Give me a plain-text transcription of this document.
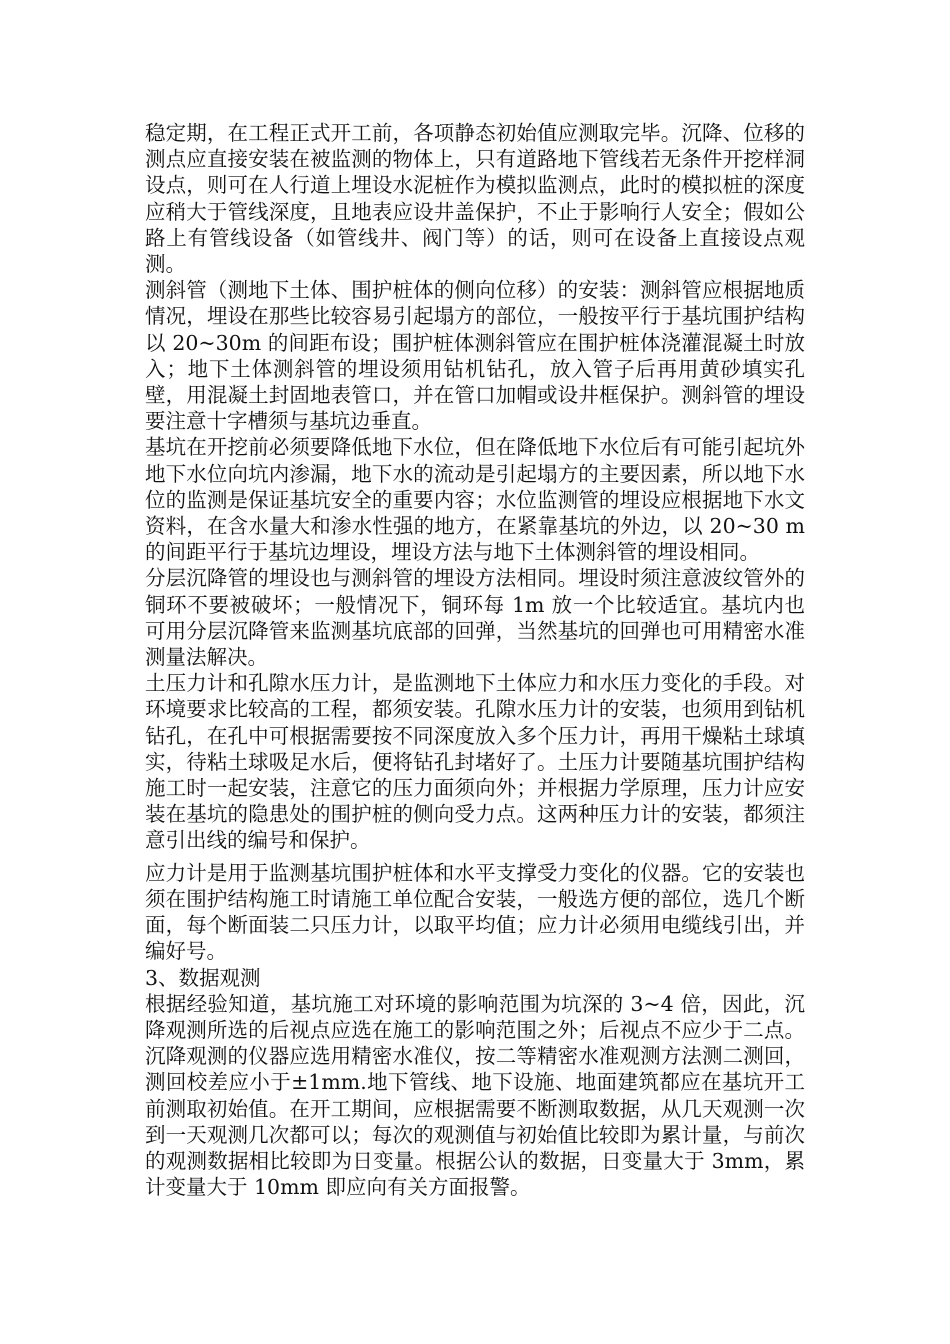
稳定期，在工程正式开工前，各项静态初始值应测取完毕。沉降、位移的测点应直接安装在被监测的物体上，只有道路地下管线若无条件开挖样洞设点，则可在人行道上埋设水泥桩作为模拟监测点，此时的模拟桩的深度应稍大于管线深度，且地表应设井盖保护，不止于影响行人安全；假如公路上有管线设备（如管线井、阀门等）的话，则可在设备上直接设点观测。

测斜管（测地下土体、围护桩体的侧向位移）的安装：测斜管应根据地质情况，埋设在那些比较容易引起塌方的部位，一般按平行于基坑围护结构以 20~30m 的间距布设；围护桩体测斜管应在围护桩体浇灌混凝土时放入；地下土体测斜管的埋设须用钻机钻孔，放入管子后再用黄砂填实孔壁，用混凝土封固地表管口，并在管口加帽或设井框保护。测斜管的埋设要注意十字槽须与基坑边垂直。

基坑在开挖前必须要降低地下水位，但在降低地下水位后有可能引起坑外地下水位向坑内渗漏，地下水的流动是引起塌方的主要因素，所以地下水位的监测是保证基坑安全的重要内容；水位监测管的埋设应根据地下水文资料，在含水量大和渗水性强的地方，在紧靠基坑的外边，以 20~30 m 的间距平行于基坑边埋设，埋设方法与地下土体测斜管的埋设相同。

分层沉降管的埋设也与测斜管的埋设方法相同。埋设时须注意波纹管外的铜环不要被破坏；一般情况下，铜环每 1m 放一个比较适宜。基坑内也可用分层沉降管来监测基坑底部的回弹，当然基坑的回弹也可用精密水准测量法解决。

土压力计和孔隙水压力计，是监测地下土体应力和水压力变化的手段。对环境要求比较高的工程，都须安装。孔隙水压力计的安装，也须用到钻机钻孔，在孔中可根据需要按不同深度放入多个压力计，再用干燥粘土球填实，待粘土球吸足水后，便将钻孔封堵好了。土压力计要随基坑围护结构施工时一起安装，注意它的压力面须向外；并根据力学原理，压力计应安装在基坑的隐患处的围护桩的侧向受力点。这两种压力计的安装，都须注意引出线的编号和保护。

应力计是用于监测基坑围护桩体和水平支撑受力变化的仪器。它的安装也须在围护结构施工时请施工单位配合安装，一般选方便的部位，选几个断面，每个断面装二只压力计，以取平均值；应力计必须用电缆线引出，并编好号。

3、数据观测

根据经验知道，基坑施工对环境的影响范围为坑深的 3~4 倍，因此，沉降观测所选的后视点应选在施工的影响范围之外；后视点不应少于二点。沉降观测的仪器应选用精密水准仪，按二等精密水准观测方法测二测回，测回校差应小于±1mm.地下管线、地下设施、地面建筑都应在基坑开工前测取初始值。在开工期间，应根据需要不断测取数据，从几天观测一次到一天观测几次都可以；每次的观测值与初始值比较即为累计量，与前次的观测数据相比较即为日变量。根据公认的数据，日变量大于 3mm，累计变量大于 10mm 即应向有关方面报警。
